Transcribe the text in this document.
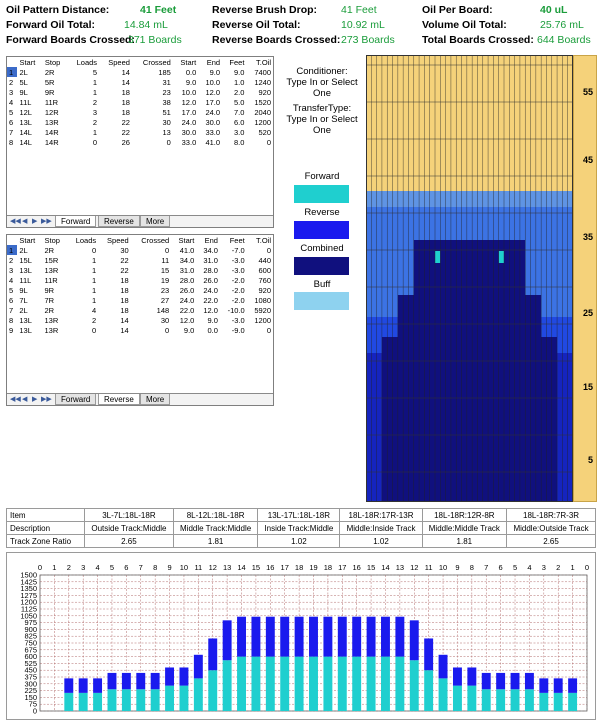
Oil Pattern Distance:	41 Feet
Forward Oil Total:	14.84 mL
Forward Boards Crossed:
371 Boards
Reverse Brush Drop: 41 Feet
Reverse Oil Total:	10.92 mL
Reverse Boards Crossed: 273 Boards
Oil Per Board:	40 uL
Volume Oil Total:	25.76 mL
Total Boards Crossed: 644 Boards
	Start	Stop	Loads	Speed	Crossed	Start	End	Feet	T.Oil
1	2L	2R	5	14	185	0.0	9.0	9.0	7400
2	5L	5R	1	14	31	9.0	10.0	1.0	1240
3	9L	9R	1	18	23	10.0	12.0	2.0	920
4	11L	11R	2	18	38	12.0	17.0	5.0	1520
5	12L	12R	3	18	51	17.0	24.0	7.0	2040
6	13L	13R	2	22	30	24.0	30.0	6.0	1200
7	14L	14R	1	22	13	30.0	33.0	3.0	520
8	14L	14R	0	26	0	33.0	41.0	8.0	0
◀◀ ◀ ▶ ▶▶	Forward	Reverse	More
	Start	Stop	Loads	Speed	Crossed	Start	End	Feet	T.Oil
1	2L	2R	0	30	0	41.0	34.0	-7.0	0
2	15L	15R	1	22	11	34.0	31.0	-3.0	440
3	13L	13R	1	22	15	31.0	28.0	-3.0	600
4	11L	11R	1	18	19	28.0	26.0	-2.0	760
5	9L	9R	1	18	23	26.0	24.0	-2.0	920
6	7L	7R	1	18	27	24.0	22.0	-2.0	1080
7	2L	2R	4	18	148	22.0	12.0	-10.0	5920
8	13L	13R	2	14	30	12.0	9.0	-3.0	1200
9	13L	13R	0	14	0	9.0	0.0	-9.0	0
◀◀ ◀ ▶ ▶▶	Forward	Reverse	More
Conditioner:
Type In or Select One
TransferType:
Type In or Select One
Forward
Reverse
Combined
Buff
55
45
35
25
15
5
Item	3L-7L:18L-18R	8L-12L:18L-18R	13L-17L:18L-18R	18L-18R:17R-13R	18L-18R:12R-8R	18L-18R:7R-3R
Description	Outside Track:Middle	Middle Track:Middle	Inside Track:Middle	Middle:Inside Track	Middle:Middle Track	Middle:Outside Track
Track Zone Ratio	2.65	1.81	1.02	1.02	1.81	2.65
0
75
150
225
300
375
450
525
600
675
750
825
900
975
1050
1125
1200
1275
1350
1425
1500
0 1 2 3 4 5 6 7 8 9 10 11 12 13 14 15 16 17 18 19 18 17 16 15 14 13 12 11 10 9 8 7 6 5 4 3 2 1 0
